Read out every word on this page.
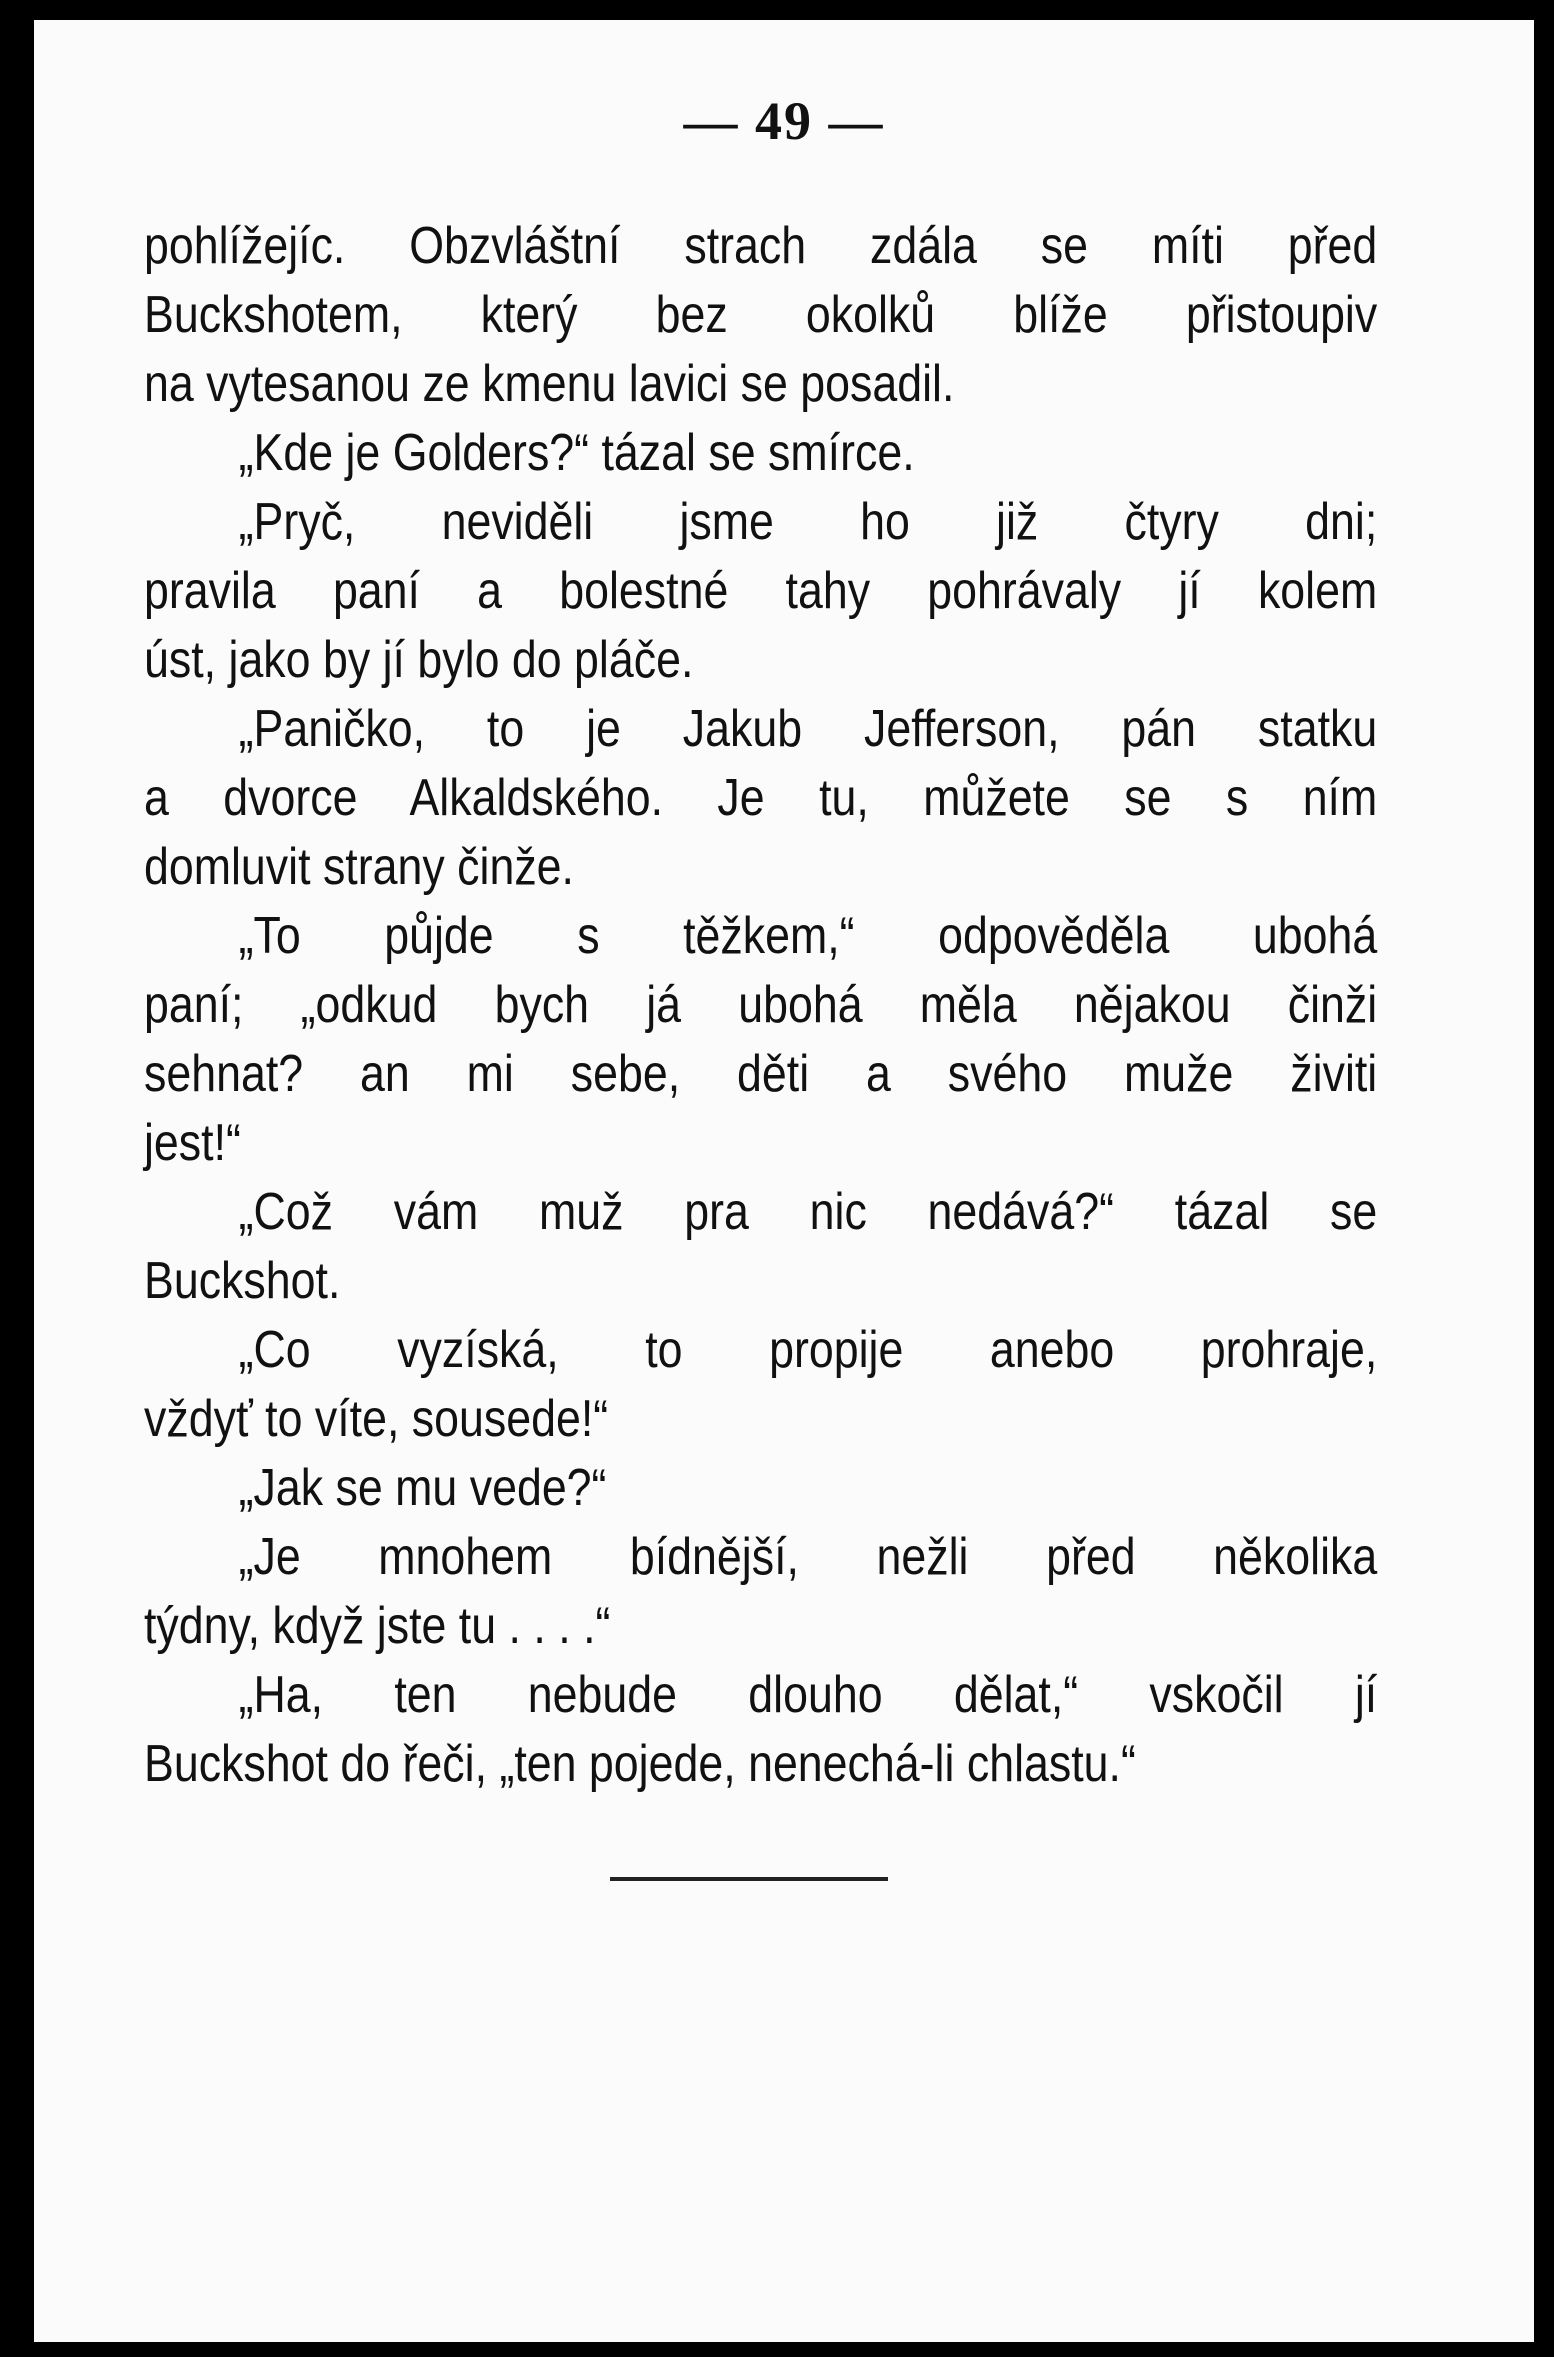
— 49 —
pohlížejíc. Obzvláštní strach zdála se míti před
Buckshotem, který bez okolků blíže přistoupiv
na vytesanou ze kmenu lavici se posadil.
„Kde je Golders?“ tázal se smírce.
„Pryč, neviděli jsme ho již čtyry dni;
pravila paní a bolestné tahy pohrávaly jí kolem
úst, jako by jí bylo do pláče.
„Paničko, to je Jakub Jefferson, pán statku
a dvorce Alkaldského. Je tu, můžete se s ním
domluvit strany činže.
„To půjde s těžkem,“ odpověděla ubohá
paní; „odkud bych já ubohá měla nějakou činži
sehnat? an mi sebe, děti a svého muže živiti
jest!“
„Což vám muž pra nic nedává?“ tázal se
Buckshot.
„Co vyzíská, to propije anebo prohraje,
vždyť to víte, sousede!“
„Jak se mu vede?“
„Je mnohem bídnější, nežli před několika
týdny, když jste tu . . . .“
„Ha, ten nebude dlouho dělat,“ vskočil jí
Buckshot do řeči, „ten pojede, nenechá-li chlastu.“
